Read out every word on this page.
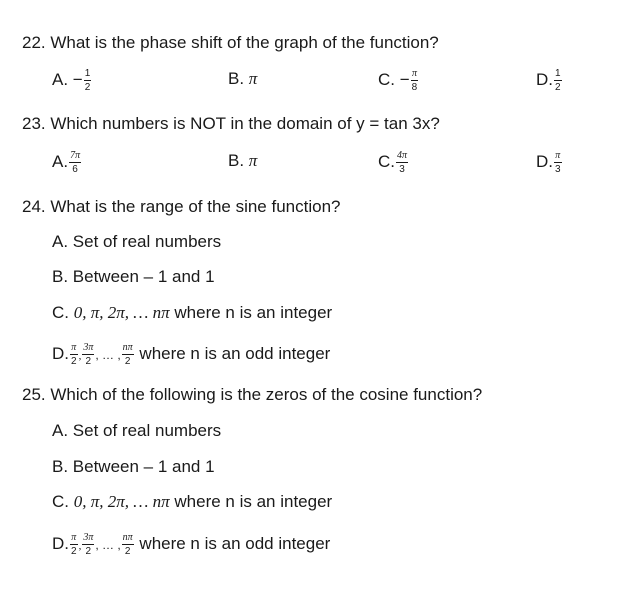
22. What is the phase shift of the graph of the function?
A. − $\frac{1}{2}$	B. π	C. − $\frac{\pi}{8}$	D. $\frac{1}{2}$
23. Which numbers is NOT in the domain of y = tan 3x?
A. $\frac{7\pi}{6}$	B. π	C. $\frac{4\pi}{3}$	D. $\frac{\pi}{3}$
24. What is the range of the sine function?
A. Set of real numbers
B. Between – 1 and 1
C. 0, π, 2π, … nπ where n is an integer
D. $\frac{\pi}{2}$ , $\frac{3\pi}{2}$ , … , $\frac{n\pi}{2}$ where n is an odd integer
25. Which of the following is the zeros of the cosine function?
A. Set of real numbers
B. Between – 1 and 1
C. 0, π, 2π, … nπ where n is an integer
D. $\frac{\pi}{2}$ , $\frac{3\pi}{2}$ , … , $\frac{n\pi}{2}$ where n is an odd integer
